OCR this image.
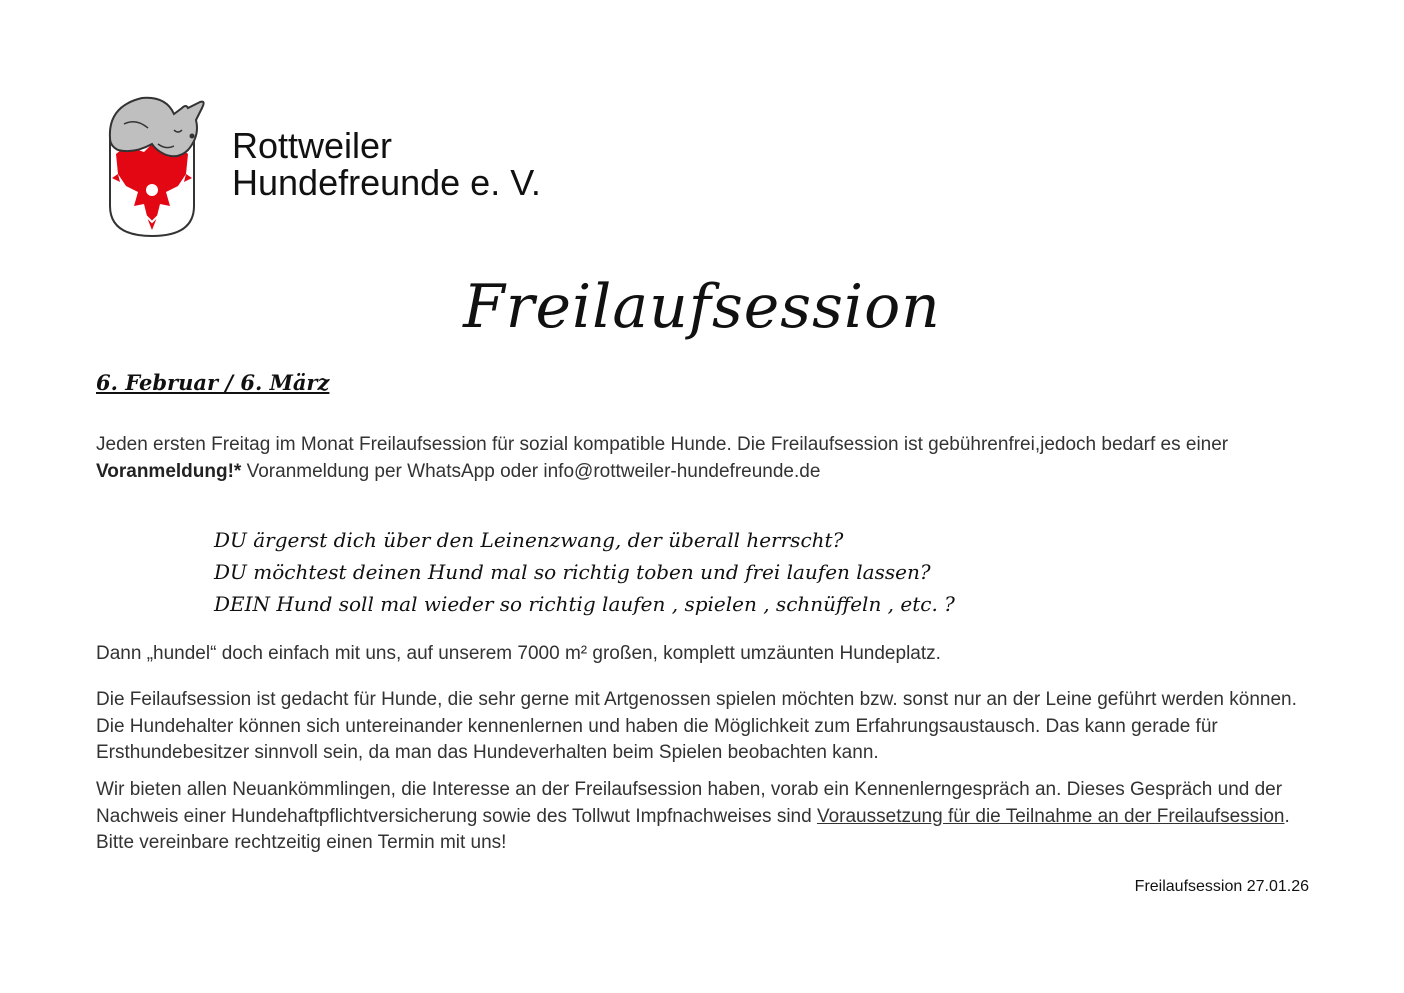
Rottweiler
Hundefreunde e. V.
Freilaufsession
6. Februar / 6. März
Jeden ersten Freitag im Monat Freilaufsession für sozial kompatible Hunde. Die Freilaufsession ist gebührenfrei,jedoch bedarf es einer Voranmeldung!* Voranmeldung per WhatsApp oder info@rottweiler-hundefreunde.de
DU ärgerst dich über den Leinenzwang, der überall herrscht?
DU möchtest deinen Hund mal so richtig toben und frei laufen lassen?
DEIN Hund soll mal wieder so richtig laufen , spielen , schnüffeln , etc. ?
Dann „hundel“ doch einfach mit uns, auf unserem 7000 m² großen, komplett umzäunten Hundeplatz.
Die Feilaufsession ist gedacht für Hunde, die sehr gerne mit Artgenossen spielen möchten bzw. sonst nur an der Leine geführt werden können. Die Hundehalter können sich untereinander kennenlernen und haben die Möglichkeit zum Erfahrungsaustausch. Das kann gerade für Ersthundebesitzer sinnvoll sein, da man das Hundeverhalten beim Spielen beobachten kann.
Wir bieten allen Neuankömmlingen, die Interesse an der Freilaufsession haben, vorab ein Kennenlerngespräch an. Dieses Gespräch und der Nachweis einer Hundehaftpflichtversicherung sowie des Tollwut Impfnachweises sind Voraussetzung für die Teilnahme an der Freilaufsession. Bitte vereinbare rechtzeitig einen Termin mit uns!
Freilaufsession 27.01.26
